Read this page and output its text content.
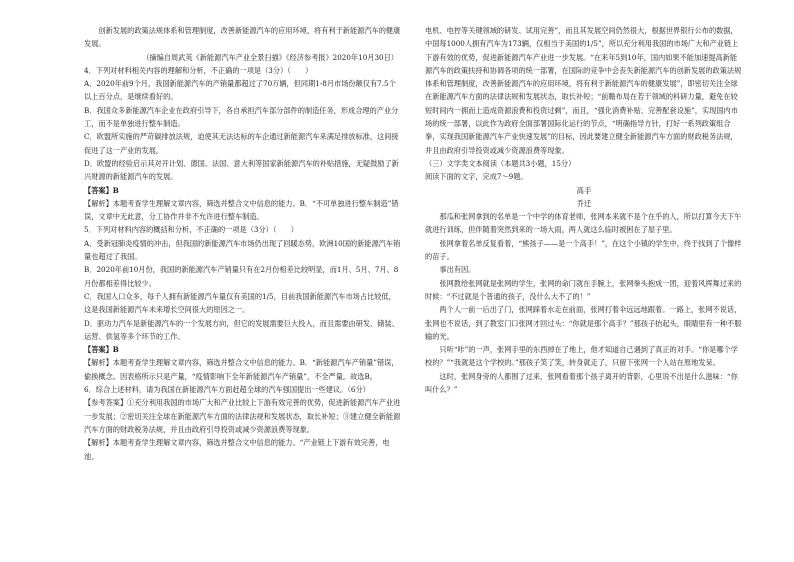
创新发展的政策法规体系和管理制度，改善新能源汽车的应用环境，将有利于新能源汽车的健康发展。

（摘编自周武英《新能源汽车产业全景扫描》《经济参考报》2020年10月30日）

4．下列对材料相关内容的理解和分析，不正确的一项是（3分）（　　）

A．2020年前9个月，我国新能源汽车的产销量都超过了70万辆，但同期1-8月市场份额仅有7.5个以上百分点，是继续看好的。

B．我国众多新能源汽车企业在政府引导下，各自承担汽车部分部件的制造任务，形成合理的产业分工，而不是单独进行整车制造。

C．欧盟所实施的严苛碳排放法规，迫使其无法达标的车企通过新能源汽车来满足排放标准，这间接促进了这一产业的发展。

D．欧盟的经验启示其对开计划、德国、法国、意大利等国家新能源汽车的补贴措施，无疑鼓励了新兴财源的新能源汽车的发展。

【答案】B

【解析】本题考查学生理解文章内容，筛选并整合文中信息的能力。B．“不可单独进行整车制造”错误，文章中无此意，分工协作并非不允许进行整车制造。

5．下列对材料内容的概括和分析，不正确的一项是（3分）（　　）

A．受新冠肺炎疫情的冲击，但我国的新能源汽车市场仍出现了回暖态势，欧洲10国的新能源汽车销量也超过了我国。

B．2020年前10月份，我国的新能源汽车产销量只有在2月份相差比较明显，而1月、5月、7月、8月份都相差得比较少。

C．我国人口众多，每千人拥有新能源汽车量仅有美国的1/5，目前我国新能源汽车市场占比较低，这是我国新能源汽车未来增长空间很大的原因之一。

D．驱动力汽车是新能源汽车的一个发展方向，但它的发展需要巨大投入，而且需要由研发、储装、运营、供氢等多个环节的工作。

【答案】B

【解析】本题考查学生理解文章内容，筛选并整合文中信息的能力。B．“新能源汽车产销量”错误，偷换概念。因表格所示只是产量，“疫情影响下全年新能源汽车产销量”，不全严量。故选B。

6．综合上述材料，请为我国在新能源汽车方面赶超全球的汽车强国提出一些建议。（6分）

【参考答案】①充分利用我国的市场广大和产业比较上下游有效完善的优势，促进新能源汽车产业进一步发展；②密切关注全球在新能源汽车方面的法律法规和发展状态，取长补短；③建立健全新能源汽车方面的财政税务法规，并且由政府引导投资或减少资源浪费等现象。

【解析】本题考查学生理解文章内容，筛选并整合文中信息的能力。“产业链上下游有效完善，电池、

电机、电控等关键领域的研发、试用完善”，而且其发展空间仍然很大，根据世界银行公布的数据，中国每1000人拥有汽车为173辆，仅相当于美国的1/5”，所以充分利用我国的市场广大和产业链上下游有效的优势，促进新能源汽车产业进一步发展。“在来年5到10年，国内如果不能加速提高新能源汽车的政策扶持和协调各项的统一部署，在国际的竞争中会丧失新能源汽车的创新发展的政策法规体系和管理制度，改善新能源汽车的应用环境，将有利于新能源汽车的健康发展”，即密切关注全球在新能源汽车方面的法律法规和发展状态，取长补短；“前瞻布局在若干领域的科研力量，避免在较短时间内一拥而上造成资源浪费和投资过剩”，而且，“强化消费补贴、完善配套设施”，实现国内市场的统一部署，以此作为政府全面部署国际化运行的节点，“明确指导方针，打好一系列政策组合拳，实现我国新能源汽车产业快速发展”的目标，因此要建立健全新能源汽车方面的财政税务法规，并且由政府引导投资或减少资源浪费等现象。

（三）文学类文本阅读（本题共3小题，15分）

阅读下面的文字，完成7～9题。

高手

乔迁

那瓜和张网拿到的名单是一个中学的体育老师，张网本来就不是个在乎的人，所以打算今天下午就进行训练，但伴随着突然到来的一场大雨，两人就这么临时被困在了屋子里。

张网拿着名单反复看着，“熊孩子——是一个高手！”，在这个小镇的学生中，终于找到了个像样的苗子。

事出有因。

张网教给张网就是张网的学生，张网的命门就在手腕上，张网拳头抱成一团，迎着风挥舞过来的时候：“不过就是个普通的孩子，没什么大不了的！”

两个人一前一后出了门，张网踩着水走在前面，张网打着伞远远地跟着。一路上，张网不说话，张网也不说话，到了教室门口张网才回过头：“你就是那个高手？”那孩子抬起头，眼睛里有一种不服输的光。

只听“咔”的一声，张网手里的东西掉在了地上，他才知道自己遇到了真正的对手。“你是哪个学校的？”“我就是这个学校的。”那孩子笑了笑，转身就走了，只留下张网一个人站在原地发呆。

这时，张网身旁的人都围了过来，张网看着那个孩子离开的背影，心里说不出是什么滋味：“你叫什么？”
